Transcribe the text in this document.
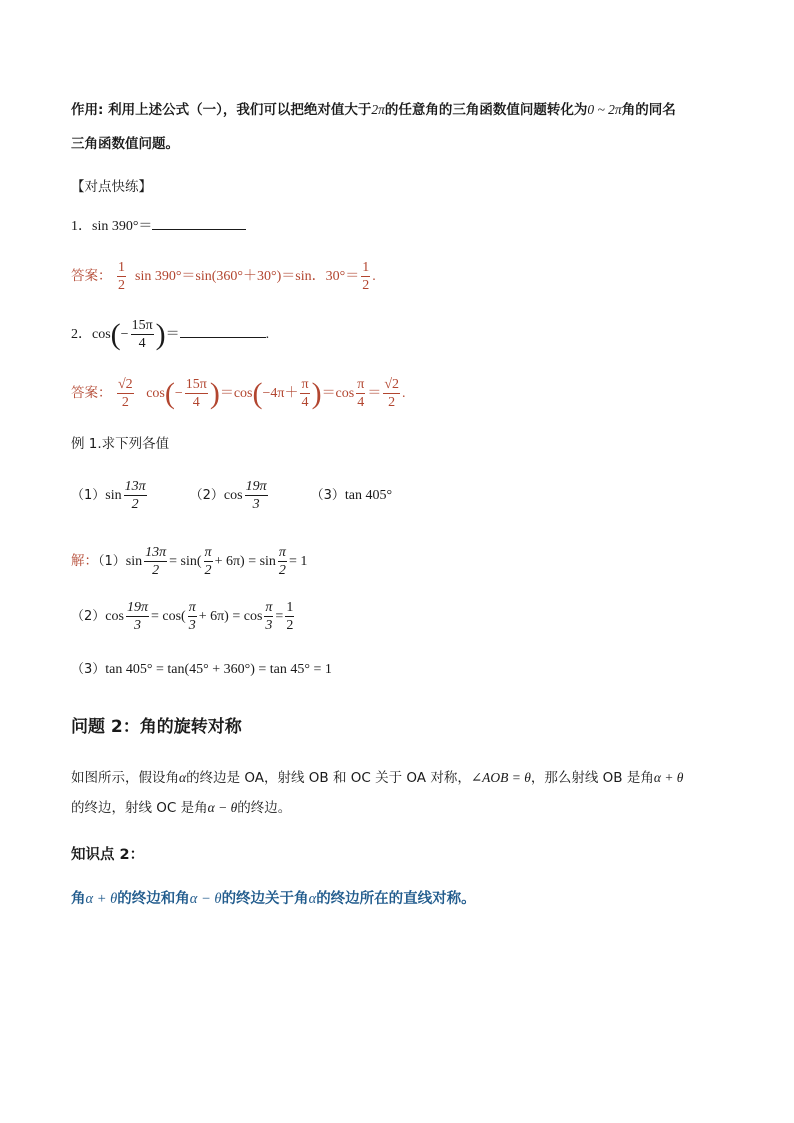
作用: 利用上述公式（一），我们可以把绝对值大于2π的任意角的三角函数值问题转化为0 ~ 2π角的同名
三角函数值问题。
【对点快练】
1．sin 390°＝
答案： $\frac{1}{2}$ sin 390°＝sin(360°＋30°)＝sin．$30^\circ= \frac{1}{2}$ .
2．$\cos(- \frac{15\pi}{4}$ )＝	.
答案： $\frac{√2}{2} \cos(- \frac{15\pi}{4} )=\cos(-4\pi+ \frac{\pi}{4} )=\cos \frac{\pi}{4} = \frac{√2}{2}$ .
例 1.求下列各值
$(1)\sin \frac{13\pi}{2}$	$(2)\cos \frac{19\pi}{3}$	（3）tan 405°
解：$(1)\sin \frac{13\pi}{2} = \sin( \frac{\pi}{2} + 6\pi) = \sin \frac{\pi}{2} = 1$
$(2)\cos \frac{19\pi}{3} = \cos( \frac{\pi}{3} + 6\pi) = \cos \frac{\pi}{3} = \frac{1}{2}$
（3）tan 405° = tan(45° + 360°) = tan 45° = 1
问题 2：角的旋转对称
如图所示，假设角α的终边是 OA，射线 OB 和 OC 关于 OA 对称，∠AOB = θ，那么射线 OB 是角α + θ
的终边，射线 OC 是角α − θ的终边。
知识点 2：
角α + θ的终边和角α − θ的终边关于角α的终边所在的直线对称。
